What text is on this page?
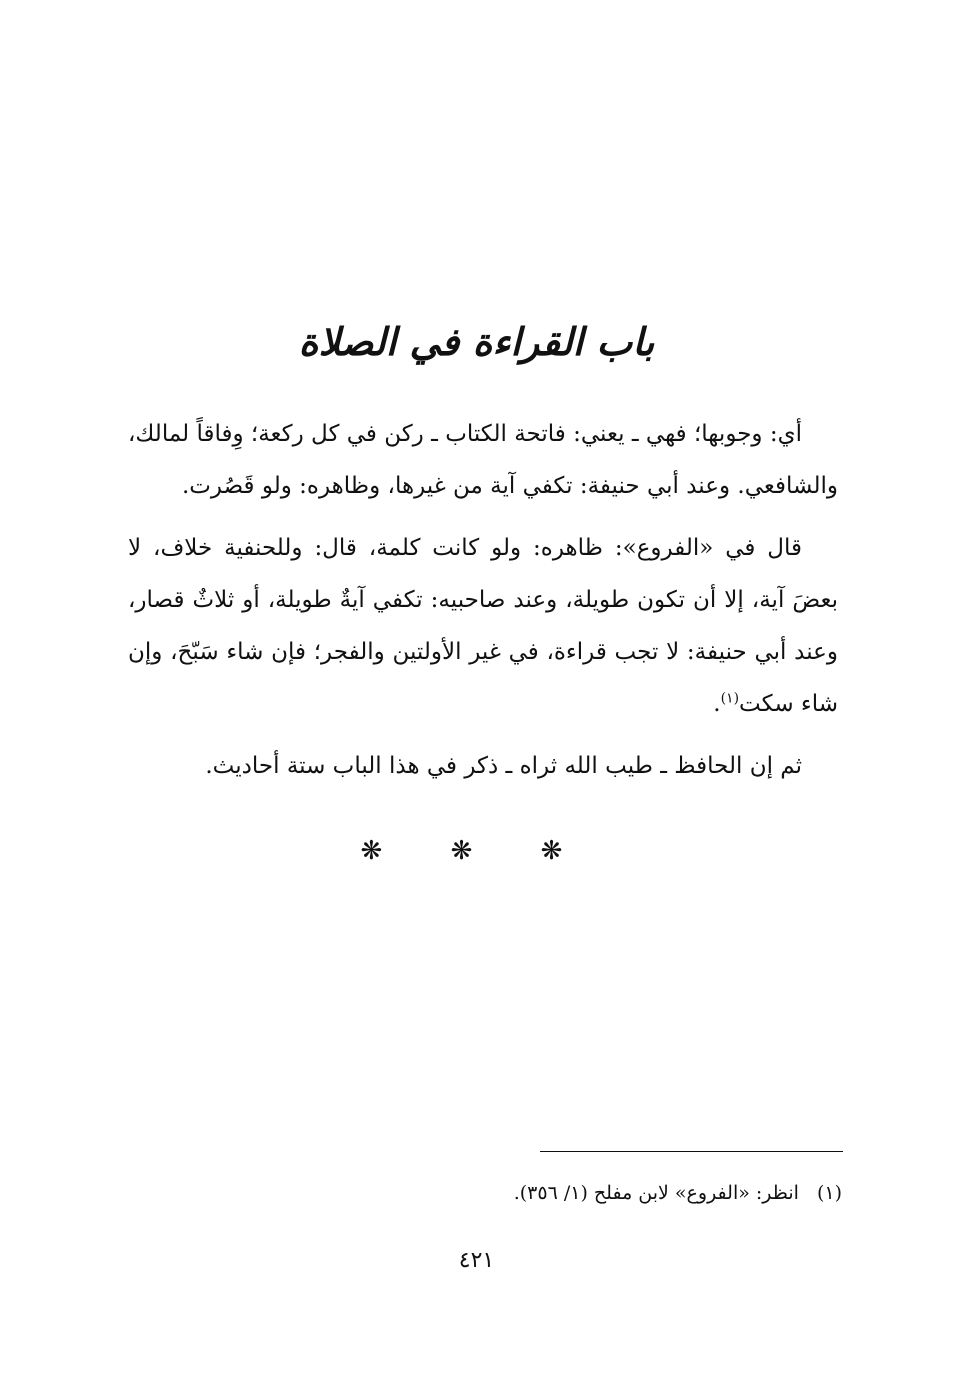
باب القراءة في الصلاة

أي: وجوبها؛ فهي ـ يعني: فاتحة الكتاب ـ ركن في كل ركعة؛ وِفاقاً لمالك، والشافعي. وعند أبي حنيفة: تكفي آية من غيرها، وظاهره: ولو قَصُرت.

قال في «الفروع»: ظاهره: ولو كانت كلمة، قال: وللحنفية خلاف، لا بعضَ آية، إلا أن تكون طويلة، وعند صاحبيه: تكفي آيةٌ طويلة، أو ثلاثٌ قصار، وعند أبي حنيفة: لا تجب قراءة، في غير الأولتين والفجر؛ فإن شاء سَبّحَ، وإن شاء سكت$^{(١)}$.

ثم إن الحافظ ـ طيب الله ثراه ـ ذكر في هذا الباب ستة أحاديث.

❋ ❋ ❋
(١)انظر: «الفروع» لابن مفلح (١/ ٣٥٦).
٤٢١
